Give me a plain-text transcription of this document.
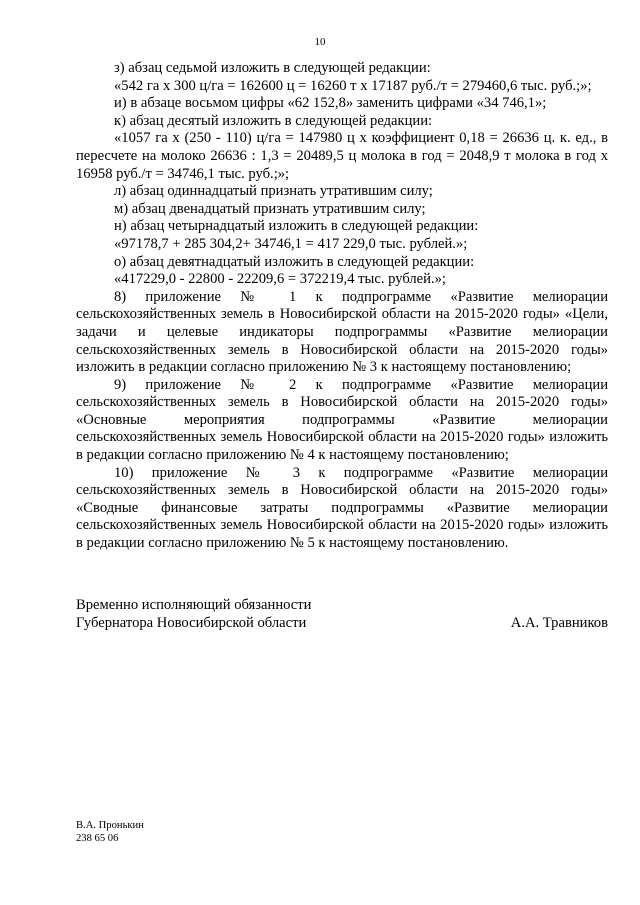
10

з) абзац седьмой изложить в следующей редакции:

«542 га х 300 ц/га = 162600 ц = 16260 т х 17187 руб./т = 279460,6 тыс. руб.;»;

и) в абзаце восьмом цифры «62 152,8» заменить цифрами «34 746,1»;

к) абзац десятый изложить в следующей редакции:

«1057 га х (250 - 110) ц/га = 147980 ц х коэффициент 0,18 = 26636 ц. к. ед., в пересчете на молоко 26636 : 1,3 = 20489,5 ц молока в год = 2048,9 т молока в год х 16958 руб./т = 34746,1 тыс. руб.;»;

л) абзац одиннадцатый признать утратившим силу;

м) абзац двенадцатый признать утратившим силу;

н) абзац четырнадцатый изложить в следующей редакции:

«97178,7 + 285 304,2+ 34746,1 = 417 229,0 тыс. рублей.»;

о) абзац девятнадцатый изложить в следующей редакции:

«417229,0 - 22800 - 22209,6 = 372219,4 тыс. рублей.»;

8) приложение № 1 к подпрограмме «Развитие мелиорации сельскохозяйственных земель в Новосибирской области на 2015-2020 годы» «Цели, задачи и целевые индикаторы подпрограммы «Развитие мелиорации сельскохозяйственных земель в Новосибирской области на 2015-2020 годы» изложить в редакции согласно приложению № 3 к настоящему постановлению;

9) приложение № 2 к подпрограмме «Развитие мелиорации сельскохозяйственных земель в Новосибирской области на 2015-2020 годы» «Основные мероприятия подпрограммы «Развитие мелиорации сельскохозяйственных земель Новосибирской области на 2015-2020 годы» изложить в редакции согласно приложению № 4 к настоящему постановлению;

10) приложение № 3 к подпрограмме «Развитие мелиорации сельскохозяйственных земель в Новосибирской области на 2015-2020 годы» «Сводные финансовые затраты подпрограммы «Развитие мелиорации сельскохозяйственных земель Новосибирской области на 2015-2020 годы» изложить в редакции согласно приложению № 5 к настоящему постановлению.

Временно исполняющий обязанности
Губернатора Новосибирской области	А.А. Травников
В.А. Пронькин
238 65 06
